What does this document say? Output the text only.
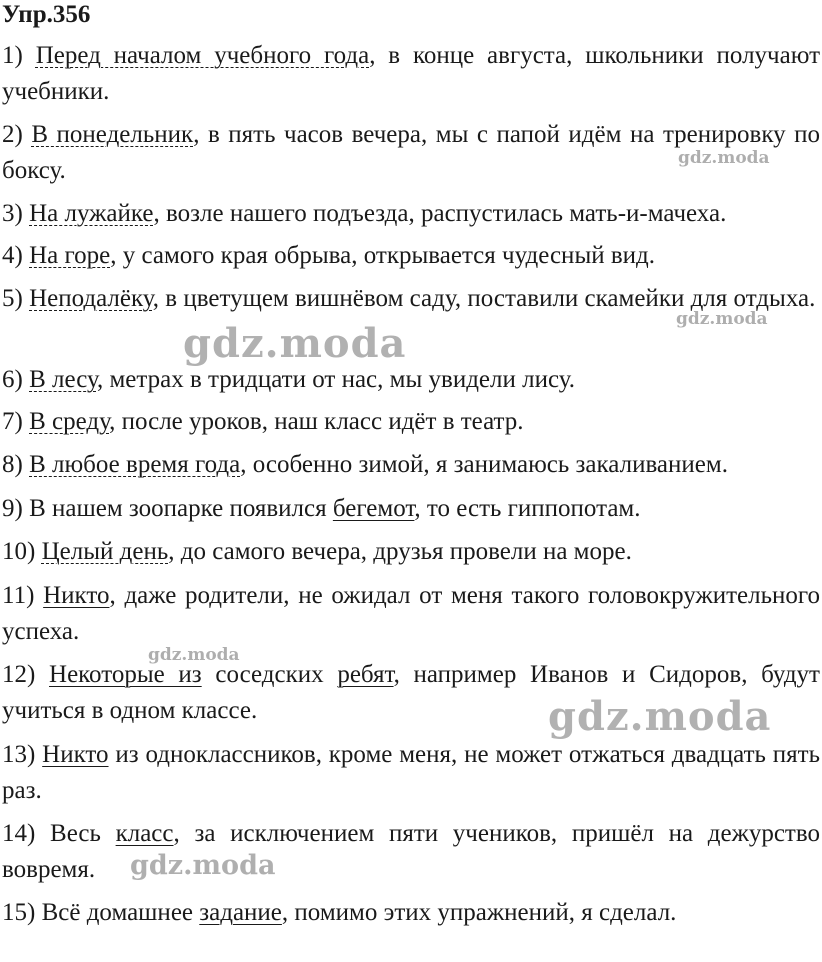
Упр.356
1) Перед началом учебного года, в конце августа, школьники получают учебники.
2) В понедельник, в пять часов вечера, мы с папой идём на тренировку по боксу.
3) На лужайке, возле нашего подъезда, распустилась мать-и-мачеха.
4) На горе, у самого края обрыва, открывается чудесный вид.
5) Неподалёку, в цветущем вишнёвом саду, поставили скамейки для отдыха.
6) В лесу, метрах в тридцати от нас, мы увидели лису.
7) В среду, после уроков, наш класс идёт в театр.
8) В любое время года, особенно зимой, я занимаюсь закаливанием.
9) В нашем зоопарке появился бегемот, то есть гиппопотам.
10) Целый день, до самого вечера, друзья провели на море.
11) Никто, даже родители, не ожидал от меня такого головокружительного успеха.
12) Некоторые из соседских ребят, например Иванов и Сидоров, будут учиться в одном классе.
13) Никто из одноклассников, кроме меня, не может отжаться двадцать пять раз.
14) Весь класс, за исключением пяти учеников, пришёл на дежурство вовремя.
15) Всё домашнее задание, помимо этих упражнений, я сделал.
gdz.moda
gdz.moda
gdz.moda
gdz.moda
gdz.moda
gdz.moda
